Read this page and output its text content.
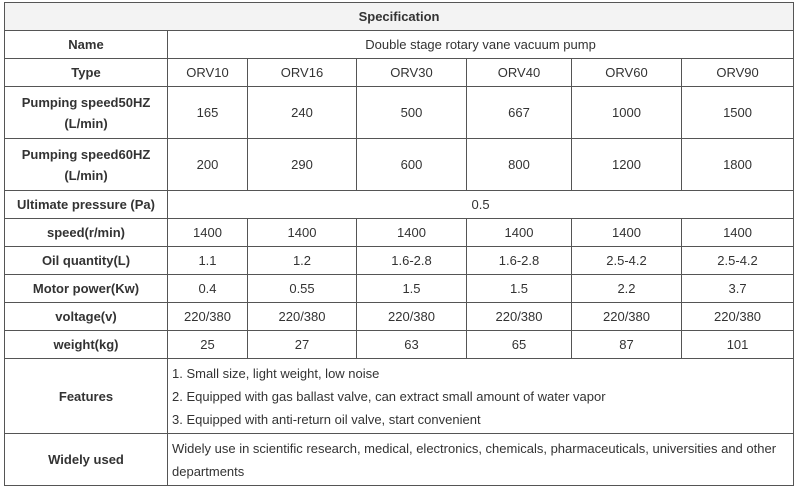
Specification						
Name	Double stage rotary vane vacuum pump					
Type	ORV10	ORV16	ORV30	ORV40	ORV60	ORV90
Pumping speed50HZ (L/min)	165	240	500	667	1000	1500
Pumping speed60HZ (L/min)	200	290	600	800	1200	1800
Ultimate pressure (Pa)	0.5					
speed(r/min)	1400	1400	1400	1400	1400	1400
Oil quantity(L)	1.1	1.2	1.6-2.8	1.6-2.8	2.5-4.2	2.5-4.2
Motor power(Kw)	0.4	0.55	1.5	1.5	2.2	3.7
voltage(v)	220/380	220/380	220/380	220/380	220/380	220/380
weight(kg)	25	27	63	65	87	101
Features	1. Small size, light weight, low noise
2. Equipped with gas ballast valve, can extract small amount of water vapor
3. Equipped with anti-return oil valve, start convenient					

Widely used	Widely use in scientific research, medical, electronics, chemicals, pharmaceuticals, universities and other departments					
